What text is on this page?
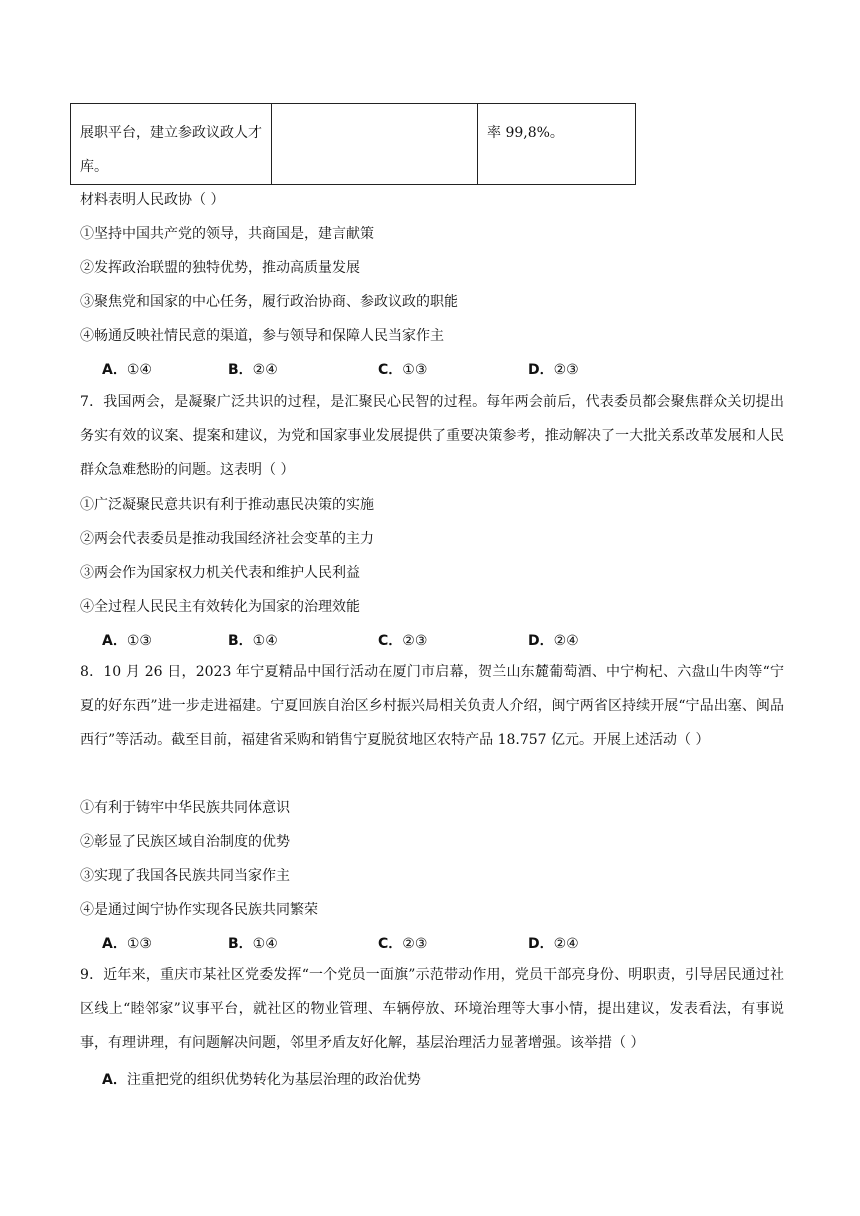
展职平台，建立参政议政人才库。		率 99,8%。
材料表明人民政协（ ）
①坚持中国共产党的领导，共商国是，建言献策
②发挥政治联盟的独特优势，推动高质量发展
③聚焦党和国家的中心任务，履行政治协商、参政议政的职能
④畅通反映社情民意的渠道，参与领导和保障人民当家作主
A．①④	B．②④	C．①③	D．②③
7．我国两会，是凝聚广泛共识的过程，是汇聚民心民智的过程。每年两会前后，代表委员都会聚焦群众关切提出务实有效的议案、提案和建议，为党和国家事业发展提供了重要决策参考，推动解决了一大批关系改革发展和人民群众急难愁盼的问题。这表明（ ）
①广泛凝聚民意共识有利于推动惠民决策的实施
②两会代表委员是推动我国经济社会变革的主力
③两会作为国家权力机关代表和维护人民利益
④全过程人民民主有效转化为国家的治理效能
A．①③	B．①④	C．②③	D．②④
8．10 月 26 日，2023 年宁夏精品中国行活动在厦门市启幕，贺兰山东麓葡萄酒、中宁枸杞、六盘山牛肉等“宁夏的好东西”进一步走进福建。宁夏回族自治区乡村振兴局相关负责人介绍，闽宁两省区持续开展“宁品出塞、闽品西行”等活动。截至目前，福建省采购和销售宁夏脱贫地区农特产品 18.757 亿元。开展上述活动（ ）
①有利于铸牢中华民族共同体意识
②彰显了民族区域自治制度的优势
③实现了我国各民族共同当家作主
④是通过闽宁协作实现各民族共同繁荣
A．①③	B．①④	C．②③	D．②④
9．近年来，重庆市某社区党委发挥“一个党员一面旗”示范带动作用，党员干部亮身份、明职责，引导居民通过社区线上“睦邻家”议事平台，就社区的物业管理、车辆停放、环境治理等大事小情，提出建议，发表看法，有事说事，有理讲理，有问题解决问题，邻里矛盾友好化解，基层治理活力显著增强。该举措（ ）
A．注重把党的组织优势转化为基层治理的政治优势
